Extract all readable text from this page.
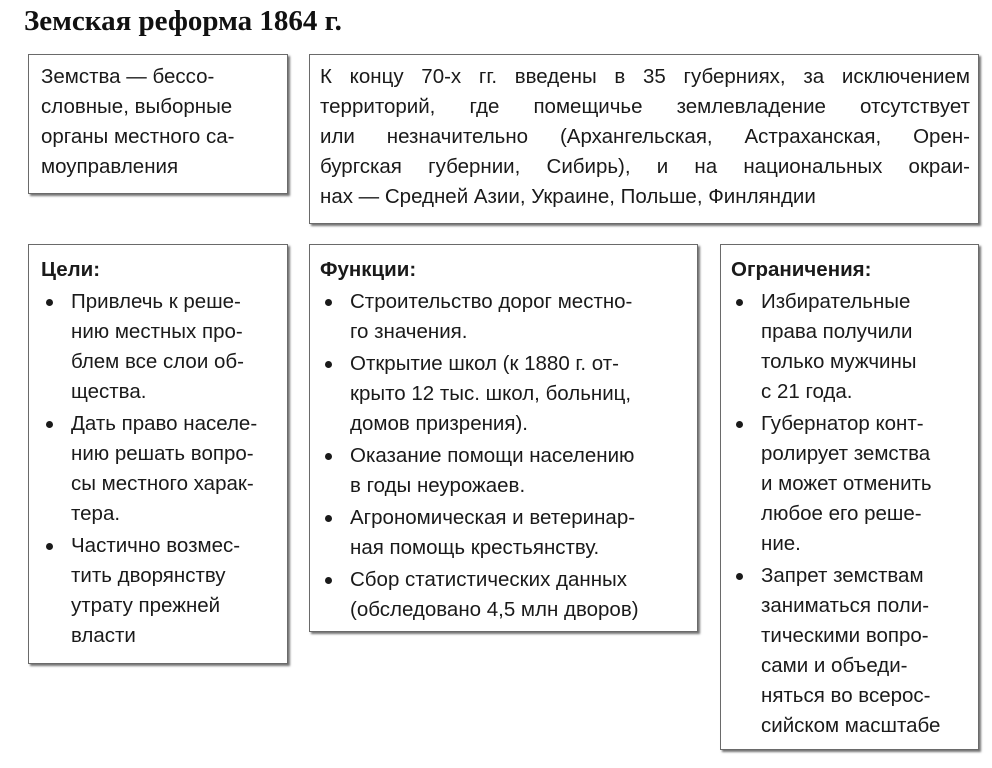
Земская реформа 1864 г.
Земства — бессо-
словные, выборные
органы местного са-
моуправления
К концу 70-х гг. введены в 35 губерниях, за исключением
территорий, где помещичье землевладение отсутствует
или незначительно (Архангельская, Астраханская, Орен-
бургская губернии, Сибирь), и на национальных окраи-
нах — Средней Азии, Украине, Польше, Финляндии
Цели:
Привлечь к реше-
нию местных про-
блем все слои об-
щества.
Дать право населе-
нию решать вопро-
сы местного харак-
тера.
Частично возмес-
тить дворянству
утрату прежней
власти
Функции:
Строительство дорог местно-
го значения.
Открытие школ (к 1880 г. от-
крыто 12 тыс. школ, больниц,
домов призрения).
Оказание помощи населению
в годы неурожаев.
Агрономическая и ветеринар-
ная помощь крестьянству.
Сбор статистических данных
(обследовано 4,5 млн дворов)
Ограничения:
Избирательные
права получили
только мужчины
с 21 года.
Губернатор конт-
ролирует земства
и может отменить
любое его реше-
ние.
Запрет земствам
заниматься поли-
тическими вопро-
сами и объеди-
няться во всерос-
сийском масштабе
